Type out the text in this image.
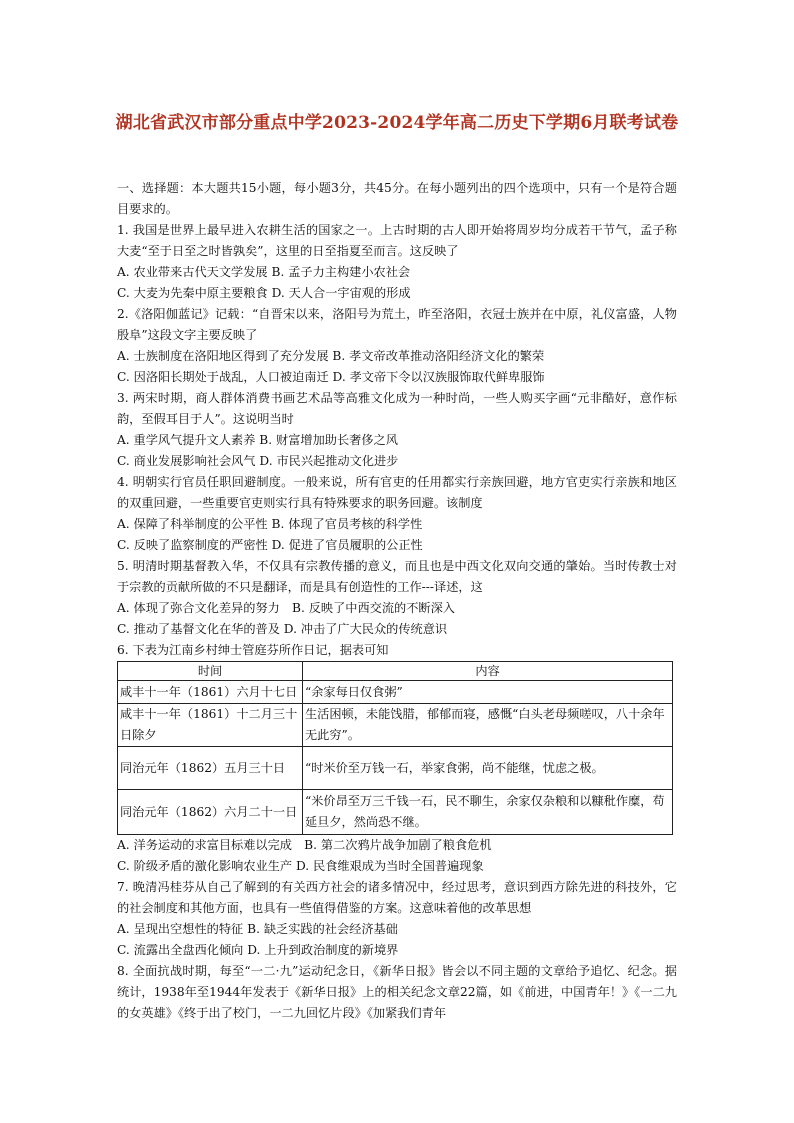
湖北省武汉市部分重点中学2023-2024学年高二历史下学期6月联考试卷

一、选择题：本大题共15小题，每小题3分，共45分。在每小题列出的四个选项中，只有一个是符合题目要求的。

1. 我国是世界上最早进入农耕生活的国家之一。上古时期的古人即开始将周岁均分成若干节气，孟子称大麦“至于日至之时皆孰矣”，这里的日至指夏至而言。这反映了

A. 农业带来古代天文学发展 B. 孟子力主构建小农社会

C. 大麦为先秦中原主要粮食 D. 天人合一宇宙观的形成

2.《洛阳伽蓝记》记载：“自晋宋以来，洛阳号为荒土，昨至洛阳，衣冠士族并在中原，礼仪富盛，人物殷阜”这段文字主要反映了

A. 士族制度在洛阳地区得到了充分发展 B. 孝文帝改革推动洛阳经济文化的繁荣

C. 因洛阳长期处于战乱，人口被迫南迁 D. 孝文帝下令以汉族服饰取代鲜卑服饰

3. 两宋时期，商人群体消费书画艺术品等高雅文化成为一种时尚，一些人购买字画“元非酷好，意作标韵，至假耳目于人”。这说明当时

A. 重学风气提升文人素养 B. 财富增加助长奢侈之风

C. 商业发展影响社会风气 D. 市民兴起推动文化进步

4. 明朝实行官员任职回避制度。一般来说，所有官吏的任用都实行亲族回避，地方官吏实行亲族和地区的双重回避，一些重要官吏则实行具有特殊要求的职务回避。该制度

A. 保障了科举制度的公平性 B. 体现了官员考核的科学性

C. 反映了监察制度的严密性 D. 促进了官员履职的公正性

5. 明清时期基督教入华，不仅具有宗教传播的意义，而且也是中西文化双向交通的肇始。当时传教士对于宗教的贡献所做的不只是翻译，而是具有创造性的工作---译述，这

A. 体现了弥合文化差异的努力　B. 反映了中西交流的不断深入

C. 推动了基督文化在华的普及 D. 冲击了广大民众的传统意识

6. 下表为江南乡村绅士管庭芬所作日记，据表可知

时间	内容
咸丰十一年（1861）六月十七日	“余家每日仅食粥”
咸丰十一年（1861）十二月三十日除夕	生活困顿，未能饯腊，郁郁而寝，感慨“白头老母频嗟叹，八十余年无此穷”。
同治元年（1862）五月三十日	“时米价至万钱一石，举家食粥，尚不能继，忧虑之极。
同治元年（1862）六月二十一日	“米价昂至万三千钱一石，民不聊生，余家仅杂粮和以糠秕作糜，苟延旦夕，然尚恐不继。

A. 洋务运动的求富目标难以完成　B. 第二次鸦片战争加剧了粮食危机

C. 阶级矛盾的激化影响农业生产 D. 民食维艰成为当时全国普遍现象

7. 晚清冯桂芬从自己了解到的有关西方社会的诸多情况中，经过思考，意识到西方除先进的科技外，它的社会制度和其他方面，也具有一些值得借鉴的方案。这意味着他的改革思想

A. 呈现出空想性的特征 B. 缺乏实践的社会经济基础

C. 流露出全盘西化倾向 D. 上升到政治制度的新境界

8. 全面抗战时期，每至“一二·九”运动纪念日，《新华日报》皆会以不同主题的文章给予追忆、纪念。据统计，1938年至1944年发表于《新华日报》上的相关纪念文章22篇，如《前进，中国青年！》《一二九的女英雄》《终于出了校门，一二九回忆片段》《加紧我们青年
